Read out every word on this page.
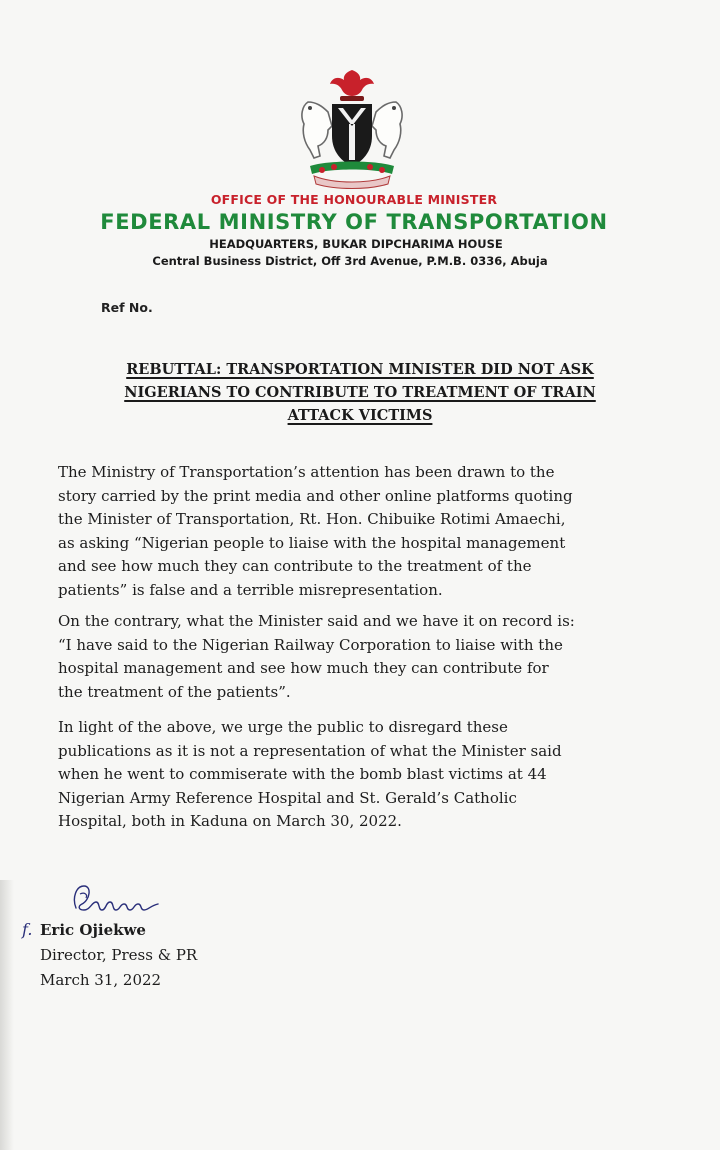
OFFICE OF THE HONOURABLE MINISTER
FEDERAL MINISTRY OF TRANSPORTATION
HEADQUARTERS, BUKAR DIPCHARIMA HOUSE
Central Business District, Off 3rd Avenue, P.M.B. 0336, Abuja
Ref No.
REBUTTAL: TRANSPORTATION MINISTER DID NOT ASK
NIGERIANS TO CONTRIBUTE TO TREATMENT OF TRAIN
ATTACK VICTIMS
The Ministry of Transportation’s attention has been drawn to the
story carried by the print media and other online platforms quoting
the Minister of Transportation, Rt. Hon. Chibuike Rotimi Amaechi,
as asking “Nigerian people to liaise with the hospital management
and see how much they can contribute to the treatment of the
patients” is false and a terrible misrepresentation.
On the contrary, what the Minister said and we have it on record is:
“I have said to the Nigerian Railway Corporation to liaise with the
hospital management and see how much they can contribute for
the treatment of the patients”.
In light of the above, we urge the public to disregard these
publications as it is not a representation of what the Minister said
when he went to commiserate with the bomb blast victims at 44
Nigerian Army Reference Hospital and St. Gerald’s Catholic
Hospital, both in Kaduna on March 30, 2022.
f. Eric Ojiekwe
Director, Press & PR
March 31, 2022
